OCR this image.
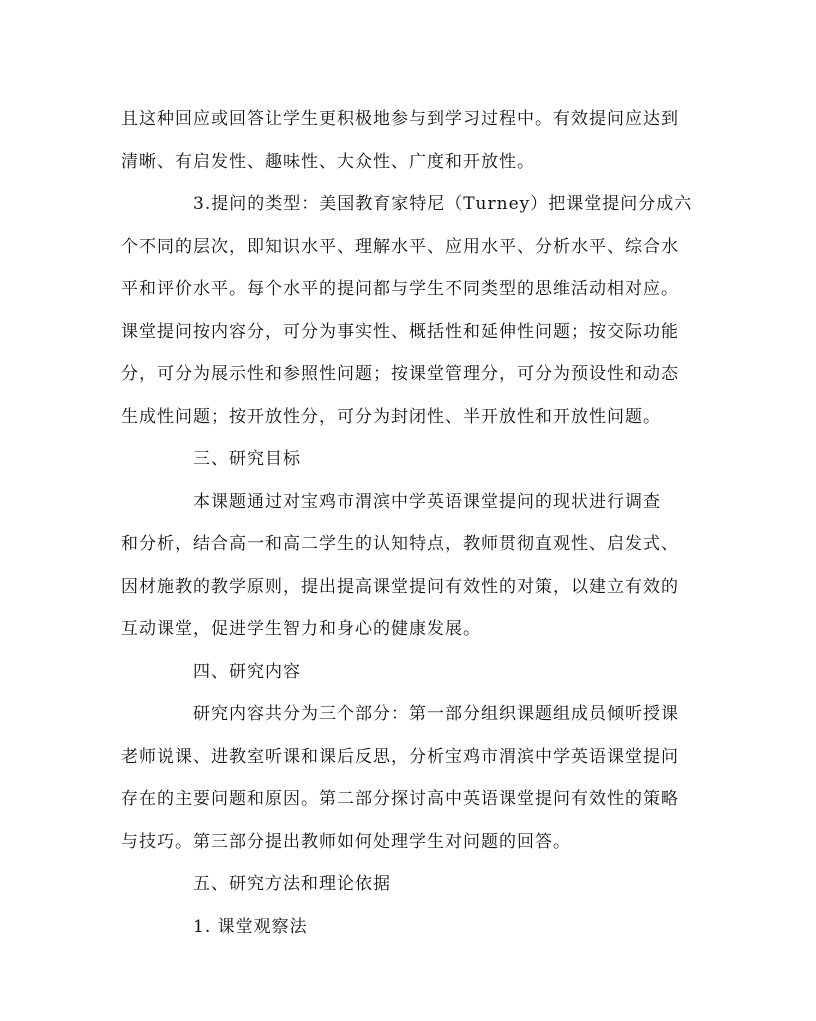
且这种回应或回答让学生更积极地参与到学习过程中。有效提问应达到
清晰、有启发性、趣味性、大众性、广度和开放性。
3.提问的类型：美国教育家特尼（Turney）把课堂提问分成六
个不同的层次，即知识水平、理解水平、应用水平、分析水平、综合水
平和评价水平。每个水平的提问都与学生不同类型的思维活动相对应。
课堂提问按内容分，可分为事实性、概括性和延伸性问题；按交际功能
分，可分为展示性和参照性问题；按课堂管理分，可分为预设性和动态
生成性问题；按开放性分，可分为封闭性、半开放性和开放性问题。
三、研究目标
本课题通过对宝鸡市渭滨中学英语课堂提问的现状进行调查
和分析，结合高一和高二学生的认知特点，教师贯彻直观性、启发式、
因材施教的教学原则，提出提高课堂提问有效性的对策，以建立有效的
互动课堂，促进学生智力和身心的健康发展。
四、研究内容
研究内容共分为三个部分：第一部分组织课题组成员倾听授课
老师说课、进教室听课和课后反思，分析宝鸡市渭滨中学英语课堂提问
存在的主要问题和原因。第二部分探讨高中英语课堂提问有效性的策略
与技巧。第三部分提出教师如何处理学生对问题的回答。
五、研究方法和理论依据
1. 课堂观察法
